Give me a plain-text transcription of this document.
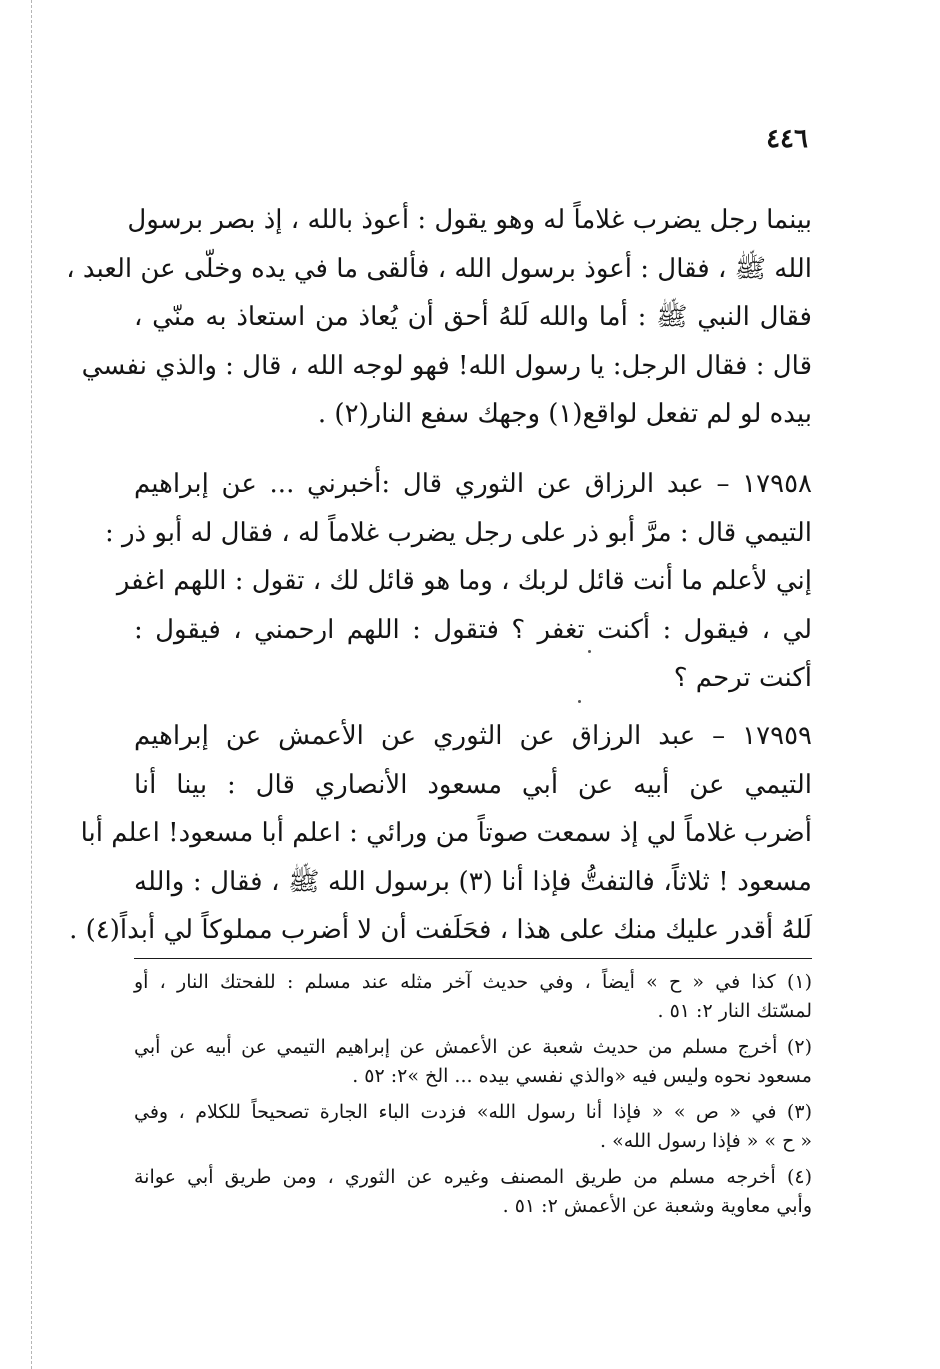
٤٤٦

بينما رجل يضرب غلاماً له وهو يقول : أعوذ بالله ، إذ بصر برسول
الله ﷺ ، فقال : أعوذ برسول الله ، فألقى ما في يده وخلّى عن العبد ،
فقال النبي ﷺ : أما والله لَلهُ أحق أن يُعاذ من استعاذ به منّي ،
قال : فقال الرجل: يا رسول الله! فهو لوجه الله ، قال : والذي نفسي
بيده لو لم تفعل لواقع(١) وجهك سفع النار(٢) .

١٧٩٥٨ – عبد الرزاق عن الثوري قال :أخبرني ... عن إبراهيم
التيمي قال : مرَّ أبو ذر على رجل يضرب غلاماً له ، فقال له أبو ذر :
إني لأعلم ما أنت قائل لربك ، وما هو قائل لك ، تقول : اللهم اغفر
لي ، فيقول : أكنت تغفر ؟ فتقول : اللهم ارحمني ، فيقول :
أكنت ترحم ؟

١٧٩٥٩ – عبد الرزاق عن الثوري عن الأعمش عن إبراهيم
التيمي عن أبيه عن أبي مسعود الأنصاري قال : بينا أنا
أضرب غلاماً لي إذ سمعت صوتاً من ورائي : اعلم أبا مسعود! اعلم أبا
مسعود ! ثلاثاً، فالتفتُّ فإذا أنا (٣) برسول الله ﷺ ، فقال : والله
لَلهُ أقدر عليك منك على هذا ، فحَلَفت أن لا أضرب مملوكاً لي أبداً(٤) .

(١) كذا في « ح » أيضاً ، وفي حديث آخر مثله عند مسلم : للفحتك النار ، أو
لمسّتك النار ٢: ٥١ .

(٢) أخرج مسلم من حديث شعبة عن الأعمش عن إبراهيم التيمي عن أبيه عن أبي
مسعود نحوه وليس فيه «والذي نفسي بيده ... الخ »٢: ٥٢ .

(٣) في « ص » « فإذا أنا رسول الله» فزدت الباء الجارة تصحيحاً للكلام ، وفي
« ح » « فإذا رسول الله» .

(٤) أخرجه مسلم من طريق المصنف وغيره عن الثوري ، ومن طريق أبي عوانة
وأبي معاوية وشعبة عن الأعمش ٢: ٥١ .
